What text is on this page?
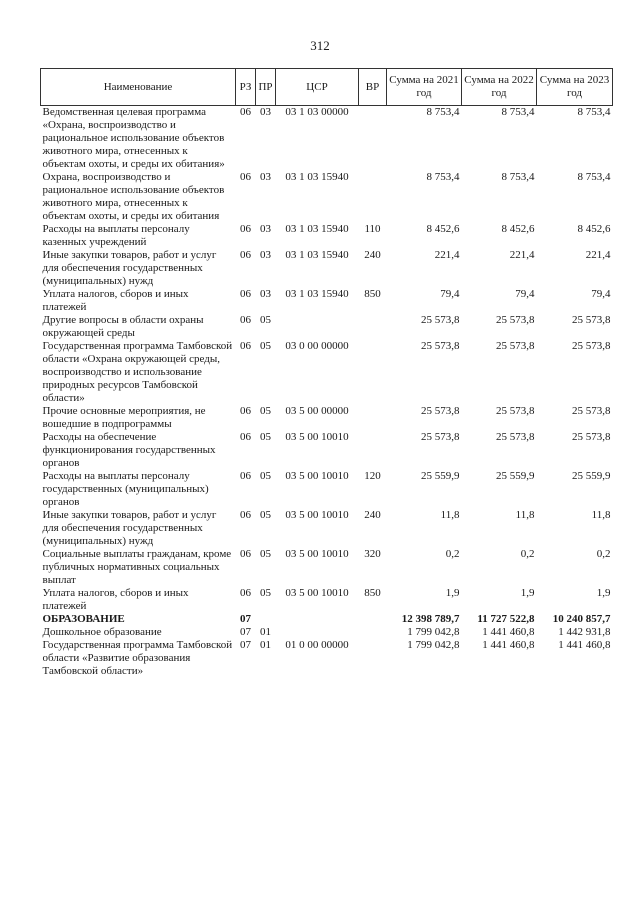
312
Наименование	РЗ	ПР	ЦСР	ВР	Сумма на 2021 год	Сумма на 2022 год	Сумма на 2023 год
Ведомственная целевая программа «Охрана, воспроизводство и рациональное использование объектов животного мира, отнесенных к объектам охоты, и среды их обитания»	06	03	03 1 03 00000		8 753,4	8 753,4	8 753,4
Охрана, воспроизводство и рациональное использование объектов животного мира, отнесенных к объектам охоты, и среды их обитания	06	03	03 1 03 15940		8 753,4	8 753,4	8 753,4
Расходы на выплаты персоналу казенных учреждений	06	03	03 1 03 15940	110	8 452,6	8 452,6	8 452,6
Иные закупки товаров, работ и услуг для обеспечения государственных (муниципальных) нужд	06	03	03 1 03 15940	240	221,4	221,4	221,4
Уплата налогов, сборов и иных платежей	06	03	03 1 03 15940	850	79,4	79,4	79,4
Другие вопросы в области охраны окружающей среды	06	05			25 573,8	25 573,8	25 573,8
Государственная программа Тамбовской области «Охрана окружающей среды, воспроизводство и использование природных ресурсов Тамбовской области»	06	05	03 0 00 00000		25 573,8	25 573,8	25 573,8
Прочие основные мероприятия, не вошедшие в подпрограммы	06	05	03 5 00 00000		25 573,8	25 573,8	25 573,8
Расходы на обеспечение функционирования государственных органов	06	05	03 5 00 10010		25 573,8	25 573,8	25 573,8
Расходы на выплаты персоналу государственных (муниципальных) органов	06	05	03 5 00 10010	120	25 559,9	25 559,9	25 559,9
Иные закупки товаров, работ и услуг для обеспечения государственных (муниципальных) нужд	06	05	03 5 00 10010	240	11,8	11,8	11,8
Социальные выплаты гражданам, кроме публичных нормативных социальных выплат	06	05	03 5 00 10010	320	0,2	0,2	0,2
Уплата налогов, сборов и иных платежей	06	05	03 5 00 10010	850	1,9	1,9	1,9
ОБРАЗОВАНИЕ	07				12 398 789,7	11 727 522,8	10 240 857,7
Дошкольное образование	07	01			1 799 042,8	1 441 460,8	1 442 931,8
Государственная программа Тамбовской области «Развитие образования Тамбовской области»	07	01	01 0 00 00000		1 799 042,8	1 441 460,8	1 441 460,8
